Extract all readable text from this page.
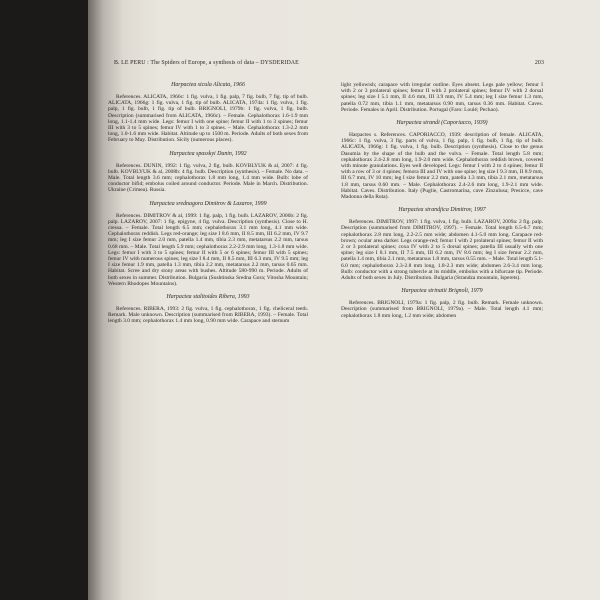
B. LE PERU : The Spiders of Europe, a synthesis of data – DYSDERIDAE	203

Harpactea sicula Alicata, 1966

References. ALICATA, 1966c: 1 fig. vulva, 1 fig. palp, 7 fig. bulb, 7 fig. tip of bulb. ALICATA, 1966g: 1 fig. vulva, 1 fig. tip of bulb. ALICATA, 1974a: 1 fig. vulva, 1 fig. palp, 1 fig. bulb, 1 fig. tip of bulb. BRIGNOLI, 1979b: 1 fig. vulva, 1 fig. bulb. Description (summarised from ALICATA, 1966c). – Female. Cephalothorax 1.6-1.9 mm long, 1.1-1.4 mm wide. Legs: femur I with one spine; femur II with 1 to 3 spines; femur III with 3 to 5 spines; femur IV with 1 to 3 spines. – Male. Cephalothorax 1.3-2.2 mm long, 1.0-1.6 mm wide. Habitat. Altitude up to 1500 m. Periode. Adults of both sexes from February to May. Distribution. Sicily (numerous places).

Harpactea spasskyi Dunin, 1992

References. DUNIN, 1992: 1 fig. vulva, 2 fig. bulb. KOVBLYUK & al, 2007: 4 fig. bulb. KOVBLYUK & al, 2008b: 4 fig. bulb. Description (synthesis). – Female. No data. – Male. Total length 3.6 mm; cephalothorax 1.8 mm long, 1.4 mm wide. Bulb: lobe of conductor bifid; embolus coiled around conductor. Periode. Male in March. Distribution. Ukraine (Crimea). Russia.

Harpactea srednagora Dimitrov & Lazarov, 1999

References. DIMITROV & al, 1999: 1 fig. palp, 1 fig. bulb. LAZAROV, 2006b: 2 fig. palp. LAZAROV, 2007: 1 fig. epigyne, 4 fig. vulva. Description (synthesis). Close to H. cressa. – Female. Total length 6.5 mm; cephalothorax 3.1 mm long, 4.1 mm wide. Cephalothorax reddish. Legs red-orange; leg size I 8.6 mm, II 8.5 mm, III 6.2 mm, IV 9.7 mm; leg I size femur 2.0 mm, patella 1.4 mm, tibia 2.3 mm, metatarsus 2.2 mm, tarsus 0.68 mm. – Male. Total length 5.9 mm; cephalothorax 2.2-2.9 mm long, 1.3-1.8 mm wide. Legs: femur I with 3 to 5 spines; femur II with 5 or 6 spines; femur III with 5 spines; femur IV with numerous spines; leg size I 8.4 mm, II 8.5 mm, III 6.3 mm, IV 9.5 mm; leg I size femur 1.9 mm, patella 1.3 mm, tibia 2.2 mm, metatarsus 2.2 mm, tarsus 0.65 mm. Habitat. Scree and dry stony areas with bushes. Altitude 580-990 m. Periode. Adults of both sexes in summer. Distribution. Bulgaria (Sushtinska Sredna Gora; Vitosha Mountain; Western Rhodopes Mountains).

Harpactea stalitoides Ribera, 1993

References. RIBERA, 1993: 2 fig. vulva, 1 fig. cephalothorax, 1 fig. cheliceral teeth. Remark. Male unknown. Description (summarised from RIBERA, 1993). – Female. Total length 3.0 mm; cephalothorax 1.4 mm long, 0.90 mm wide. Carapace and sternum

light yellowish; carapace with irregular outline. Eyes absent. Legs pale yellow; femur I with 2 or 3 prolateral spines; femur II with 2 prolateral spines; femur IV with 2 dorsal spines; leg size I 5.1 mm, II 4.6 mm, III 3.9 mm, IV 5.4 mm; leg I size femur 1.3 mm, patella 0.72 mm, tibia 1.1 mm, metatarsus 0.90 mm, tarsus 0.36 mm. Habitat. Caves. Periode. Females in April. Distribution. Portugal (Faro: Loulé; Pechao).

Harpactea strandi (Caporiacco, 1939)

Harpactes s. References. CAPORIACCO, 1939: description of female. ALICATA, 1966c: 1 fig. vulva, 3 fig. parts of vulva, 1 fig. palp, 1 fig. bulb, 1 fig. tip of bulb. ALICATA, 1966g: 1 fig. vulva, 1 fig. bulb. Description (synthesis). Close to the genus Dasumia by the shape of the bulb and the vulva. – Female. Total length 5.8 mm; cephalothorax 2.4-2.8 mm long, 1.9-2.0 mm wide. Cephalothorax reddish brown, covered with minute granulations. Eyes well developed. Legs: femur I with 2 to 4 spines; femur II with a row of 3 or 4 spines; femora III and IV with one spine; leg size I 9.3 mm, II 8.9 mm, III 6.7 mm, IV 10 mm; leg I size femur 2.2 mm, patella 1.3 mm, tibia 2.1 mm, metatarsus 1.8 mm, tarsus 0.60 mm. – Male. Cephalothorax 2.4-2.6 mm long, 1.9-2.1 mm wide. Habitat. Caves. Distribution. Italy (Puglie, Castromarina, cave Zinzulusa; Presicce, cave Madonna della Ruta).

Harpactea strandjica Dimitrov, 1997

References. DIMITROV, 1997: 1 fig. vulva, 1 fig. bulb. LAZAROV, 2009a: 2 fig. palp. Description (summarised from DIMITROV, 1997). – Female. Total length 6.5-6.7 mm; cephalothorax 2.8 mm long, 2.2-2.5 mm wide; abdomen 4.1-5.0 mm long. Carapace red-brown; ocular area darker. Legs orange-red; femur I with 2 prolateral spines; femur II with 2 or 3 prolateral spines; coxa IV with 2 to 5 dorsal spines; patella III usually with one spine; leg size I 8.1 mm, II 7.5 mm, III 6.2 mm, IV 8.6 mm; leg I size femur 2.2 mm, patella 1.4 mm, tibia 2.1 mm, metatarsus 1.8 mm, tarsus 0.55 mm. – Male. Total length 5.1-6.0 mm; cephalothorax 2.3-2.8 mm long, 1.8-2.3 mm wide; abdomen 2.6-3.4 mm long. Bulb: conductor with a strong tubercle at its middle, embolus with a bifurcate tip. Periode. Adults of both sexes in July. Distribution. Bulgaria (Strandza mountain, Isperets).

Harpactea strinatii Brignoli, 1979

References. BRIGNOLI, 1979a: 1 fig. palp, 2 fig. bulb. Remark. Female unknown. Description (summarised from BRIGNOLI, 1979a). – Male. Total length 4.1 mm; cephalothorax 1.8 mm long, 1.2 mm wide; abdomen
